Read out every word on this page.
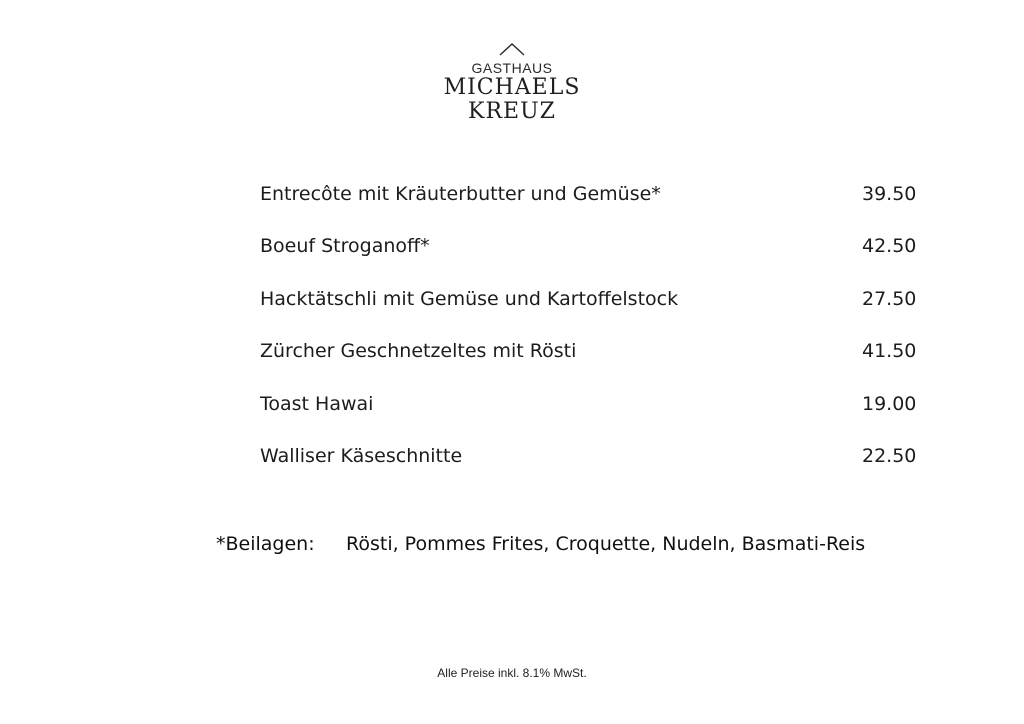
GASTHAUS
MICHAELS
KREUZ
Entrecôte mit Kräuterbutter und Gemüse*	39.50
Boeuf Stroganoff*	42.50
Hacktätschli mit Gemüse und Kartoffelstock	27.50
Zürcher Geschnetzeltes mit Rösti	41.50
Toast Hawai	19.00
Walliser Käseschnitte	22.50
*Beilagen: Rösti, Pommes Frites, Croquette, Nudeln, Basmati-Reis
Alle Preise inkl. 8.1% MwSt.
